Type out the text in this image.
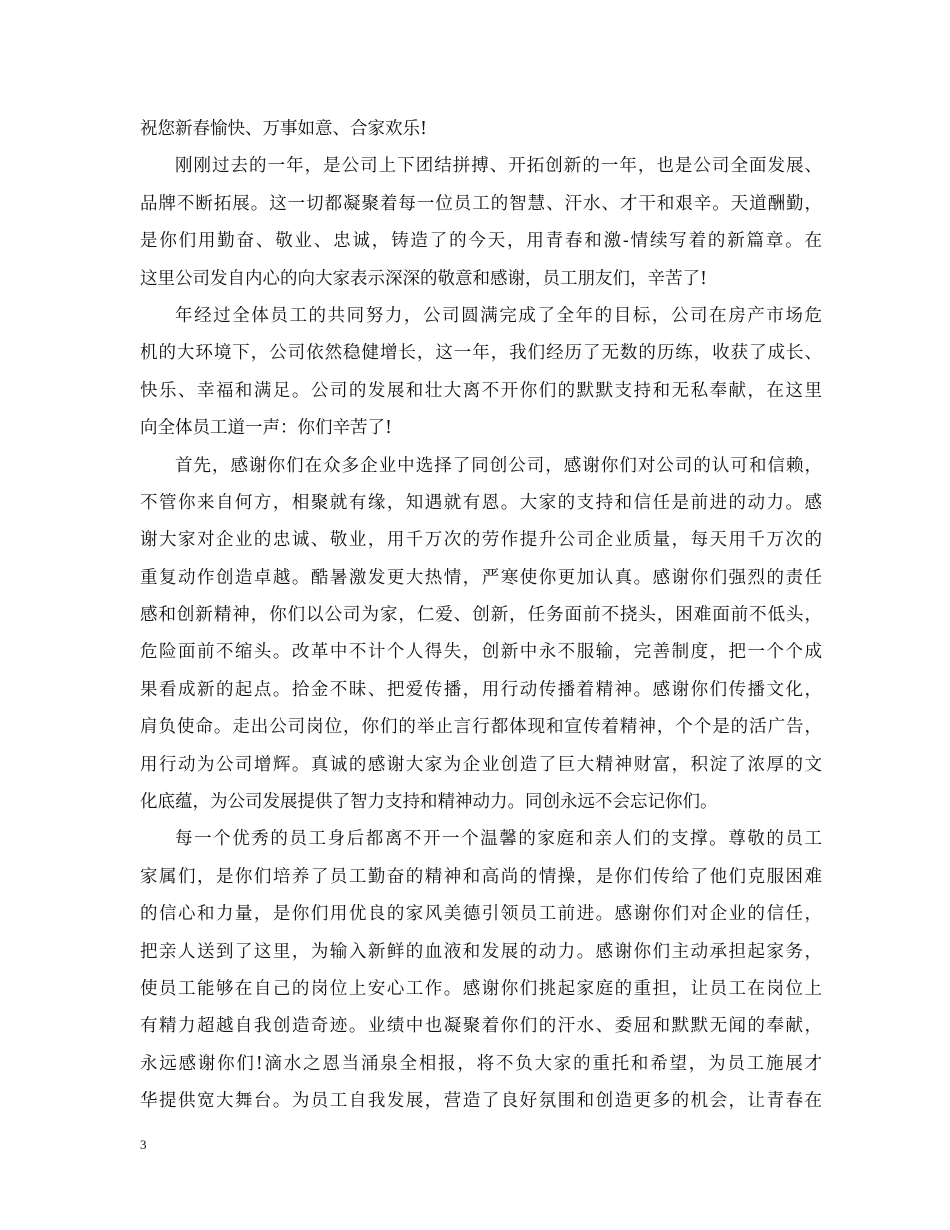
祝您新春愉快、万事如意、合家欢乐!
刚刚过去的一年，是公司上下团结拼搏、开拓创新的一年，也是公司全面发展、
品牌不断拓展。这一切都凝聚着每一位员工的智慧、汗水、才干和艰辛。天道酬勤，
是你们用勤奋、敬业、忠诚，铸造了的今天，用青春和激-情续写着的新篇章。在
这里公司发自内心的向大家表示深深的敬意和感谢，员工朋友们，辛苦了!
年经过全体员工的共同努力，公司圆满完成了全年的目标，公司在房产市场危
机的大环境下，公司依然稳健增长，这一年，我们经历了无数的历练，收获了成长、
快乐、幸福和满足。公司的发展和壮大离不开你们的默默支持和无私奉献，在这里
向全体员工道一声：你们辛苦了!
首先，感谢你们在众多企业中选择了同创公司，感谢你们对公司的认可和信赖，
不管你来自何方，相聚就有缘，知遇就有恩。大家的支持和信任是前进的动力。感
谢大家对企业的忠诚、敬业，用千万次的劳作提升公司企业质量，每天用千万次的
重复动作创造卓越。酷暑激发更大热情，严寒使你更加认真。感谢你们强烈的责任
感和创新精神，你们以公司为家，仁爱、创新，任务面前不挠头，困难面前不低头，
危险面前不缩头。改革中不计个人得失，创新中永不服输，完善制度，把一个个成
果看成新的起点。拾金不昧、把爱传播，用行动传播着精神。感谢你们传播文化，
肩负使命。走出公司岗位，你们的举止言行都体现和宣传着精神，个个是的活广告，
用行动为公司增辉。真诚的感谢大家为企业创造了巨大精神财富，积淀了浓厚的文
化底蕴，为公司发展提供了智力支持和精神动力。同创永远不会忘记你们。
每一个优秀的员工身后都离不开一个温馨的家庭和亲人们的支撑。尊敬的员工
家属们，是你们培养了员工勤奋的精神和高尚的情操，是你们传给了他们克服困难
的信心和力量，是你们用优良的家风美德引领员工前进。感谢你们对企业的信任，
把亲人送到了这里，为输入新鲜的血液和发展的动力。感谢你们主动承担起家务，
使员工能够在自己的岗位上安心工作。感谢你们挑起家庭的重担，让员工在岗位上
有精力超越自我创造奇迹。业绩中也凝聚着你们的汗水、委屈和默默无闻的奉献，
永远感谢你们!滴水之恩当涌泉全相报，将不负大家的重托和希望，为员工施展才
华提供宽大舞台。为员工自我发展，营造了良好氛围和创造更多的机会，让青春在
3
